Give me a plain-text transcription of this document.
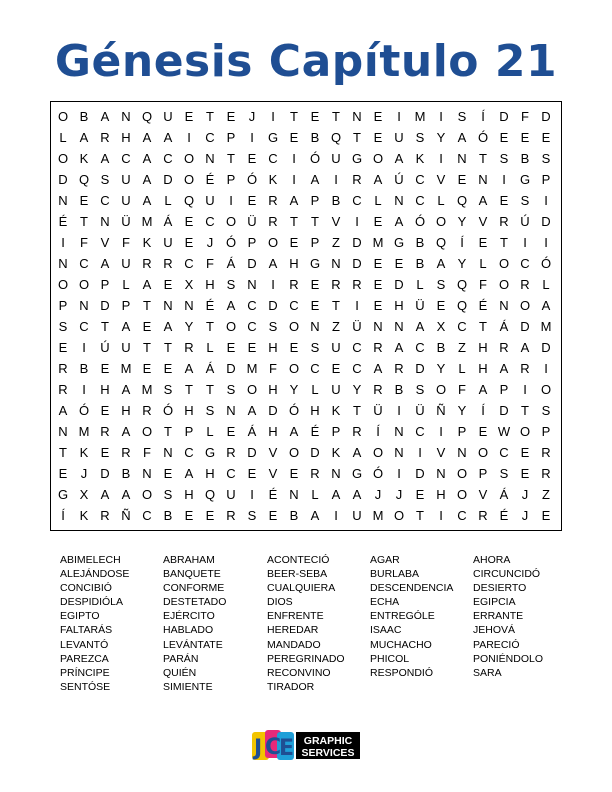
Génesis Capítulo 21
O B A N Q U E T E	J	I	T E T N E	I	M	I	S	Í	D F D
L	A R H A A	I	C P	I	G E B Q T E U S Y A Ó E E E
O K A C A C O N T E C	I	Ó U G O A K	I	N T S B S
D Q S U A D O É P Ó K	I	A	I	R A Ú C V E N	I	G P
N E C U A	L Q U	I	E R A P B C L N C L Q A E S	I
É T N Ü M Á E C O Ü R T	T V	I	E A Ó O Y V R Ú D
I	F V F K U E	J Ó P O E P Z D M G B Q	Í	E T	I	I
N C A U R R C F Á D A H G N D E E B A Y	L O C Ó
O O P	L	A E X H S N	I	R E R R E D L	S Q F O R L
P N D P T N N É A C D C E T	I	E H Ü E Q É N O A
S C T A E A Y T O C S O N Z Ü N N A X C T Á D M
E	I	Ú U T	T R L	E E H E S U C R A C B Z H R A D
R B E M E E A Á D M F O C E C A R D Y	L H A R	I
R	I	H A M S T	T S O H Y	L U Y R B S O F A P	I	O
A Ó E H R Ó H S N A D Ó H K T Ü	I	Ü Ñ Y	Í	D T S
N M R A O T P	L	E Á H A É P R	Í	N C	I	P E W O P
T K E R F N C G R D V O D K A O N	I	V N O C E R
E	J	D B N E A H C E V E R N G Ó	I	D N O P S E R
G X A A O S H Q U	I	É N L	A A	J	J	E H O V Á	J	Z
Í	K R Ñ C B E E R S E B A	I	U M O T	I	C R É	J	E
ABIMELECH
ALEJÁNDOSE
CONCIBIÓ
DESPIDIÓLA
EGIPTO
FALTARÁS
LEVANTÓ
PAREZCA
PRÍNCIPE
SENTÓSE
ABRAHAM
BANQUETE
CONFORME
DESTETADO
EJÉRCITO
HABLADO
LEVÁNTATE
PARÁN
QUIÉN
SIMIENTE
ACONTECIÓ
BEER-SEBA
CUALQUIERA
DIOS
ENFRENTE
HEREDAR
MANDADO
PEREGRINADO
RECONVINO
TIRADOR
AGAR
BURLABA
DESCENDENCIA
ECHA
ENTREGÓLE
ISAAC
MUCHACHO
PHICOL
RESPONDIÓ
AHORA
CIRCUNCIDÓ
DESIERTO
EGIPCIA
ERRANTE
JEHOVÁ
PARECIÓ
PONIÉNDOLO
SARA
J C
E GRAPHIC
SERVICES
